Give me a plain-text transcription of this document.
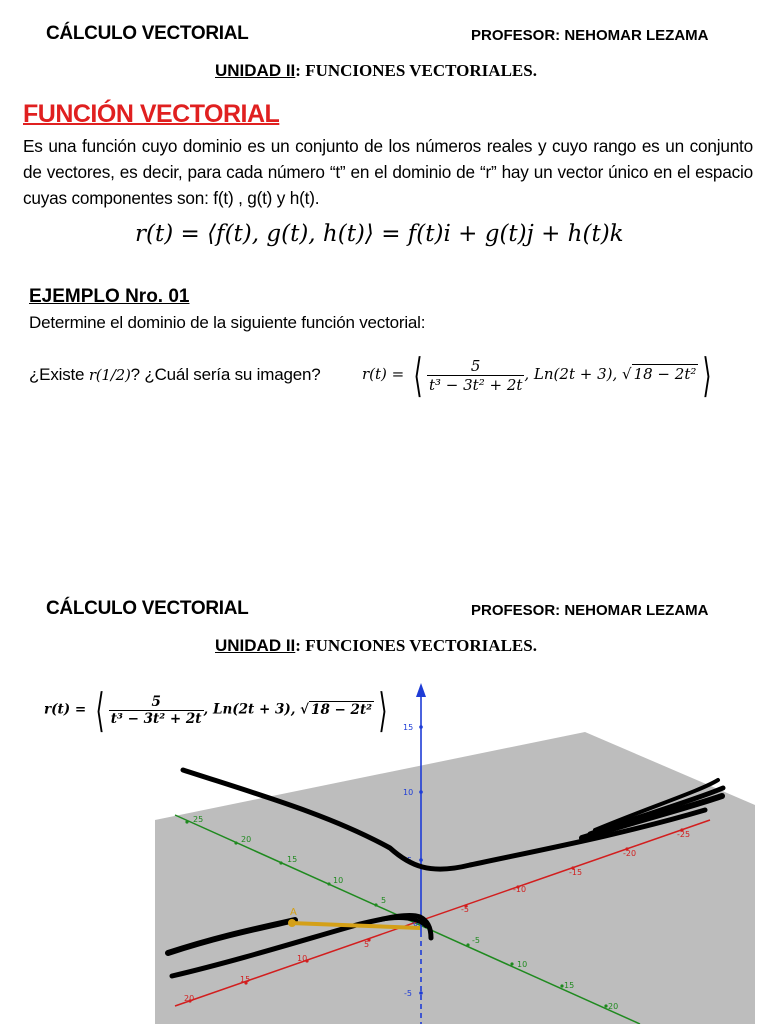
CÁLCULO VECTORIAL	PROFESOR: NEHOMAR LEZAMA
UNIDAD II: FUNCIONES VECTORIALES.
FUNCIÓN VECTORIAL
Es una función cuyo dominio es un conjunto de los números reales y cuyo rango es un conjunto de vectores, es decir, para cada número “t” en el dominio de “r” hay un vector único en el espacio cuyas componentes son: f(t) , g(t) y h(t).
r(t) = ⟨f(t), g(t), h(t)⟩ = f(t)i + g(t)j + h(t)k
EJEMPLO Nro. 01
Determine el dominio de la siguiente función vectorial:
¿Existe r(1/2)? ¿Cuál sería su imagen?	r(t) = ⟨ $\frac{5}{\text{t³ − 3t² + 2t}}$ , Ln(2t + 3), √ 18 − 2t² ⟩
CÁLCULO VECTORIAL	PROFESOR: NEHOMAR LEZAMA
UNIDAD II: FUNCIONES VECTORIALES.
r(t) = ⟨ $\frac{5}{\text{t³ − 3t² + 2t}}$ , Ln(2t + 3), √ 18 − 2t² ⟩	15
10
5
-5
25
20
15
10
5
-5
10
15
20
-25
-20
-15
-10
-5
5
10
15
20
0
A
